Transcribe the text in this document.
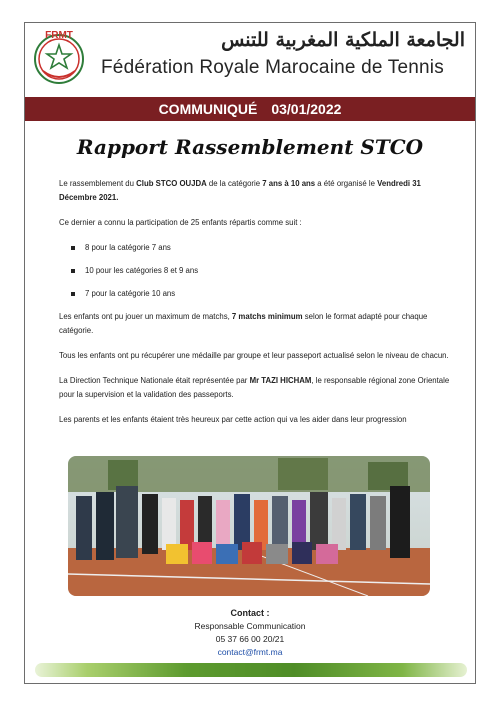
FRMT	الجامعة الملكية المغربية للتنس
Fédération Royale Marocaine de Tennis
COMMUNIQUÉ 03/01/2022
Rapport Rassemblement STCO

Le rassemblement du Club STCO OUJDA de la catégorie 7 ans à 10 ans a été organisé le Vendredi 31 Décembre 2021.

Ce dernier a connu la participation de 25 enfants répartis comme suit :

8 pour la catégorie 7 ans
10 pour les catégories 8 et 9 ans
7 pour la catégorie 10 ans

Les enfants ont pu jouer un maximum de matchs, 7 matchs minimum selon le format adapté pour chaque catégorie.

Tous les enfants ont pu récupérer une médaille par groupe et leur passeport actualisé selon le niveau de chacun.

La Direction Technique Nationale était représentée par Mr TAZI HICHAM, le responsable régional zone Orientale pour la supervision et la validation des passeports.

Les parents et les enfants étaient très heureux par cette action qui va les aider dans leur progression

Contact :
Responsable Communication
05 37 66 00 20/21
contact@frmt.ma
